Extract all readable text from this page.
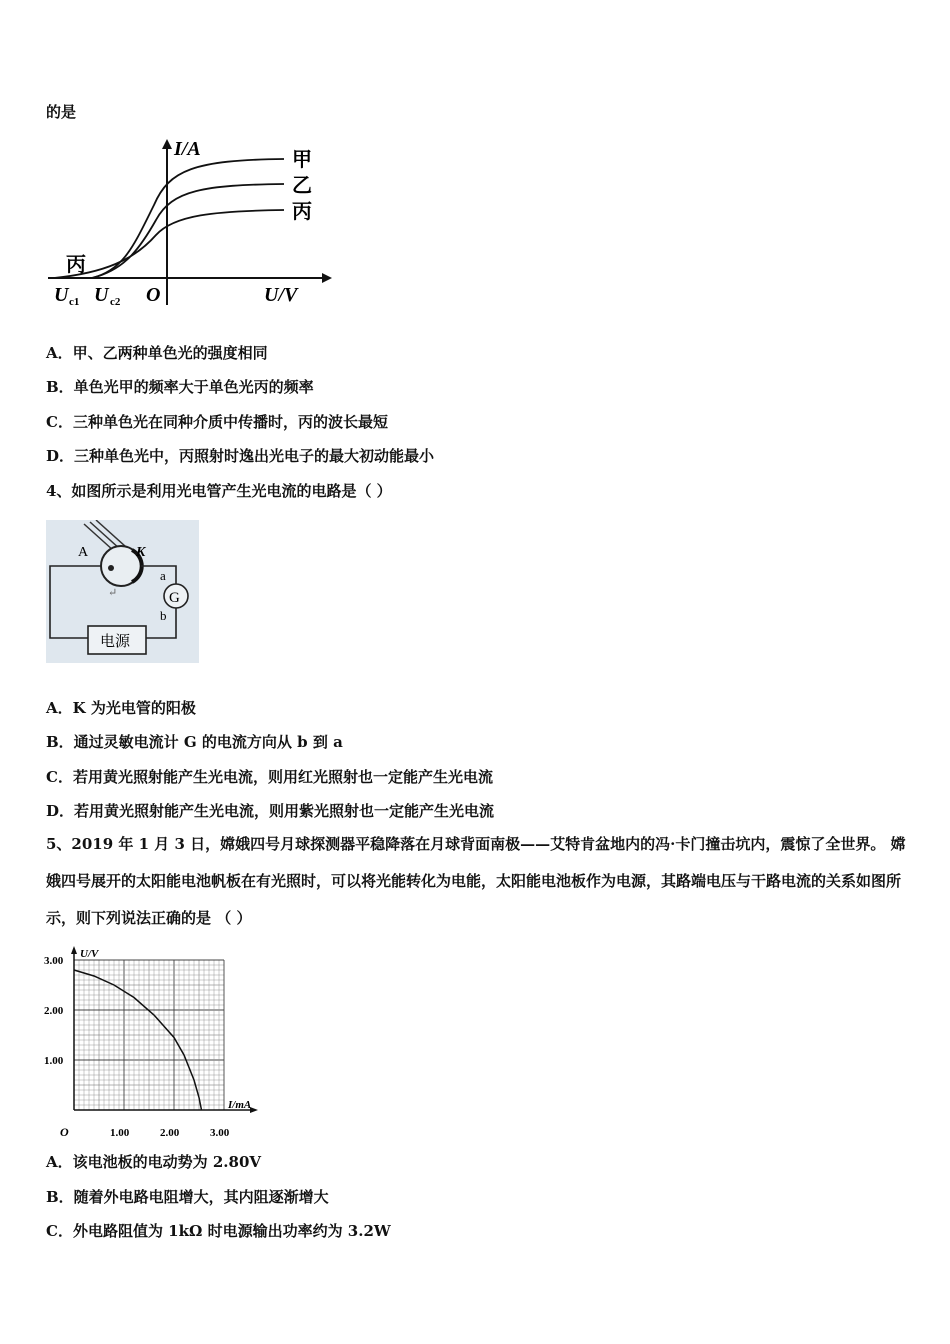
的是
I/A	甲
乙
丙
丙
U c1 U c2 O	U/V
A．甲、乙两种单色光的强度相同
B．单色光甲的频率大于单色光丙的频率
C．三种单色光在同种介质中传播时，丙的波长最短
D．三种单色光中，丙照射时逸出光电子的最大初动能最小
4、如图所示是利用光电管产生光电流的电路是（ ）
G
电源
A	K
a
b
↵
A．K 为光电管的阳极
B．通过灵敏电流计 G 的电流方向从 b 到 a
C．若用黄光照射能产生光电流，则用红光照射也一定能产生光电流
D．若用黄光照射能产生光电流，则用紫光照射也一定能产生光电流
5、2019 年 1 月 3 日，嫦娥四号月球探测器平稳降落在月球背面南极——艾特肯盆地内的冯·卡门撞击坑内，震惊了全世界。 嫦娥四号展开的太阳能电池帆板在有光照时，可以将光能转化为电能，太阳能电池板作为电源，其路端电压与干路电流的关系如图所示，则下列说法正确的是 （ ）
U/V
I/mA
O	1.00	2.00	3.00
1.00
2.00
3.00
A．该电池板的电动势为 2.80V
B．随着外电路电阻增大，其内阻逐渐增大
C．外电路阻值为 1kΩ 时电源输出功率约为 3.2W
